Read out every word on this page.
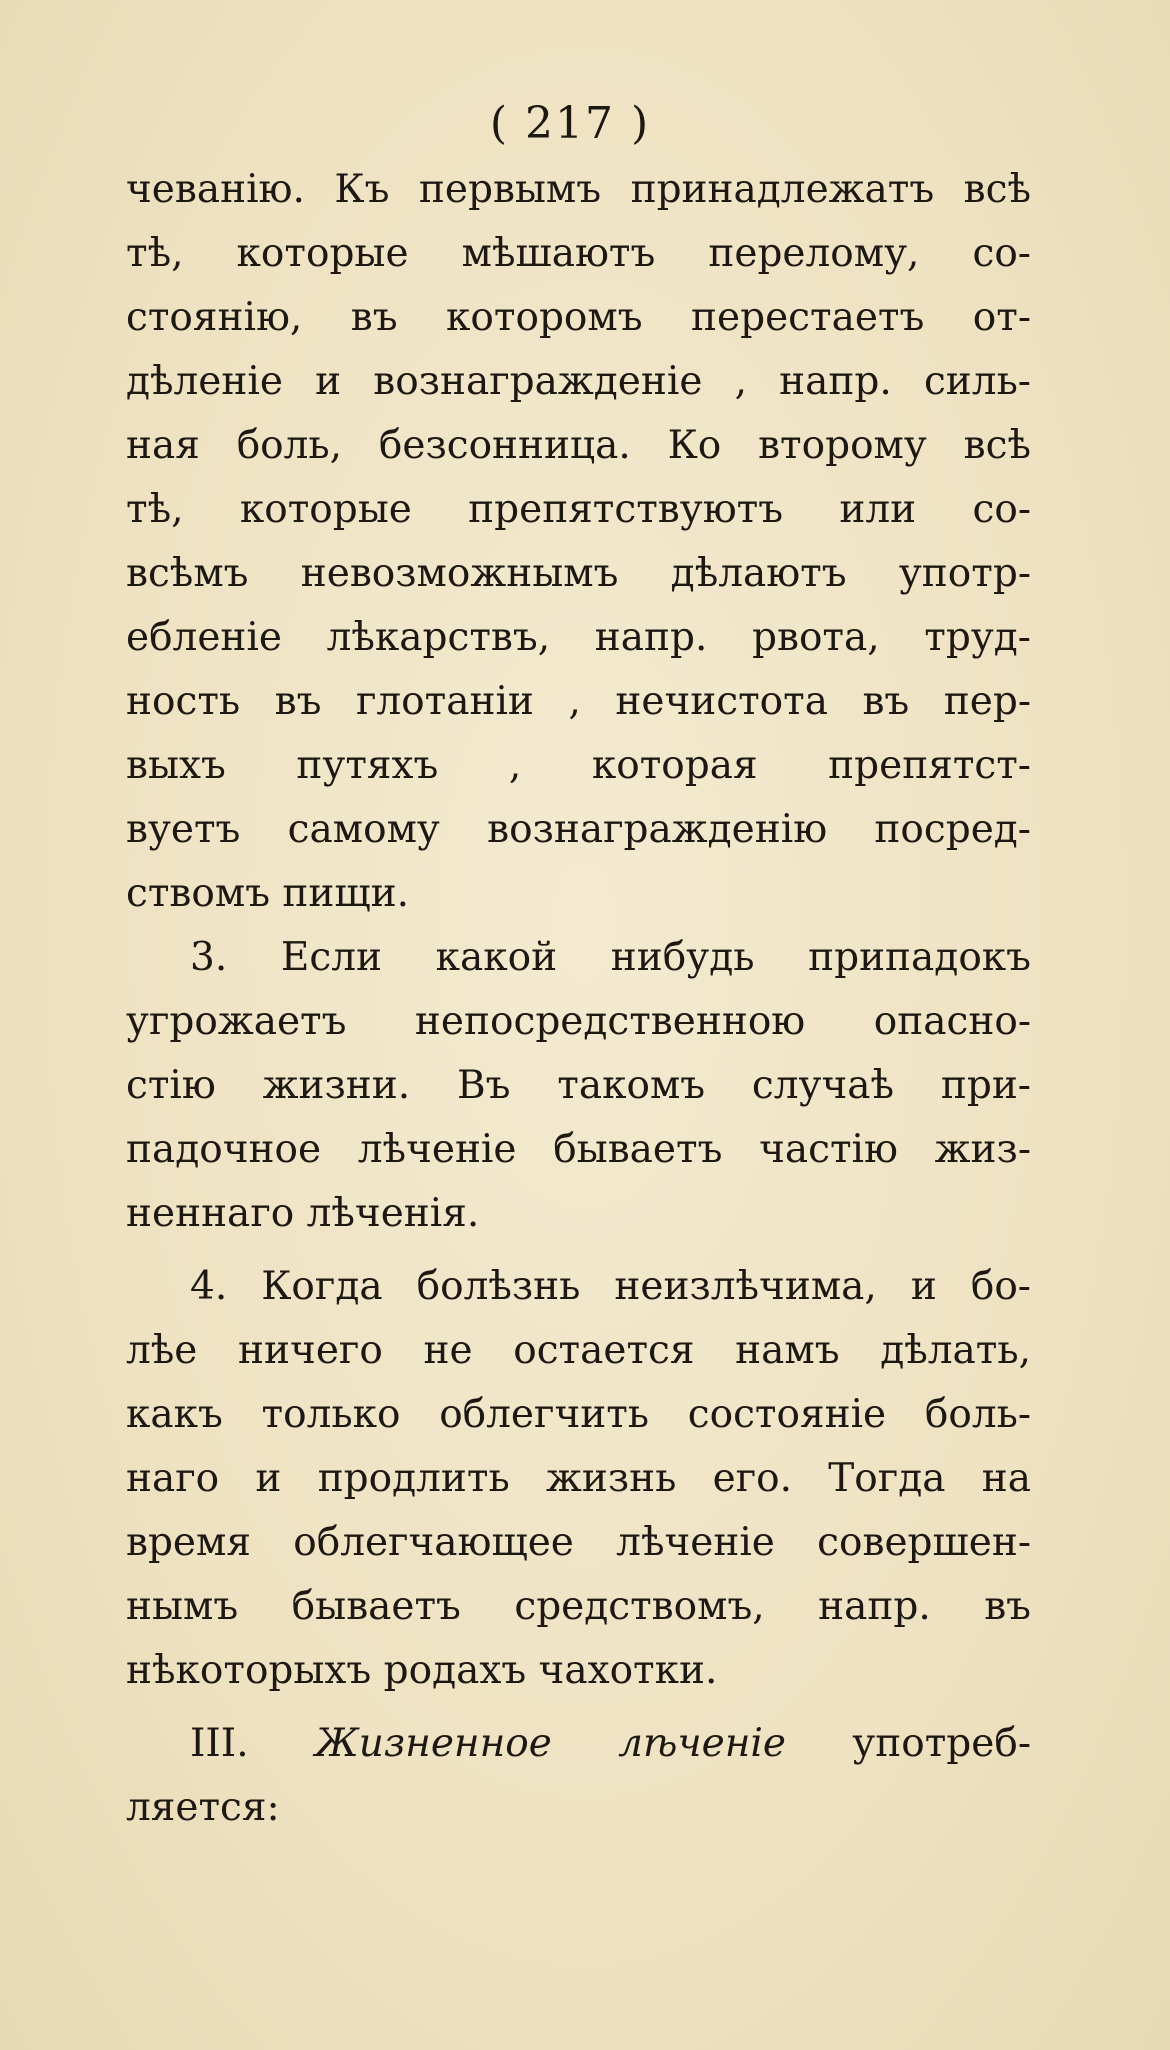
( 217 )
чеванію. Къ первымъ принадлежатъ всѣ
тѣ, которые мѣшаютъ перелому, со-
стоянію, въ которомъ перестаетъ от-
дѣленіе и вознагражденіе , напр. силь-
ная боль, безсонница. Ко второму всѣ
тѣ, которые препятствуютъ или со-
всѣмъ невозможнымъ дѣлаютъ употр-
ебленіе лѣкарствъ, напр. рвота, труд-
ность въ глотаніи , нечистота въ пер-
выхъ путяхъ , которая препятст-
вуетъ самому вознагражденію посред-
ствомъ пищи.
3. Если какой нибудь припадокъ
угрожаетъ непосредственною опасно-
стію жизни. Въ такомъ случаѣ при-
падочное лѣченіе бываетъ частію жиз-
неннаго лѣченія.
4. Когда болѣзнь неизлѣчима, и бо-
лѣе ничего не остается намъ дѣлать,
какъ только облегчить состояніе боль-
наго и продлить жизнь его. Тогда на
время облегчающее лѣченіе совершен-
нымъ бываетъ средствомъ, напр. въ
нѣкоторыхъ родахъ чахотки.
III. Жизненное лѣченіе употреб-
ляется:
